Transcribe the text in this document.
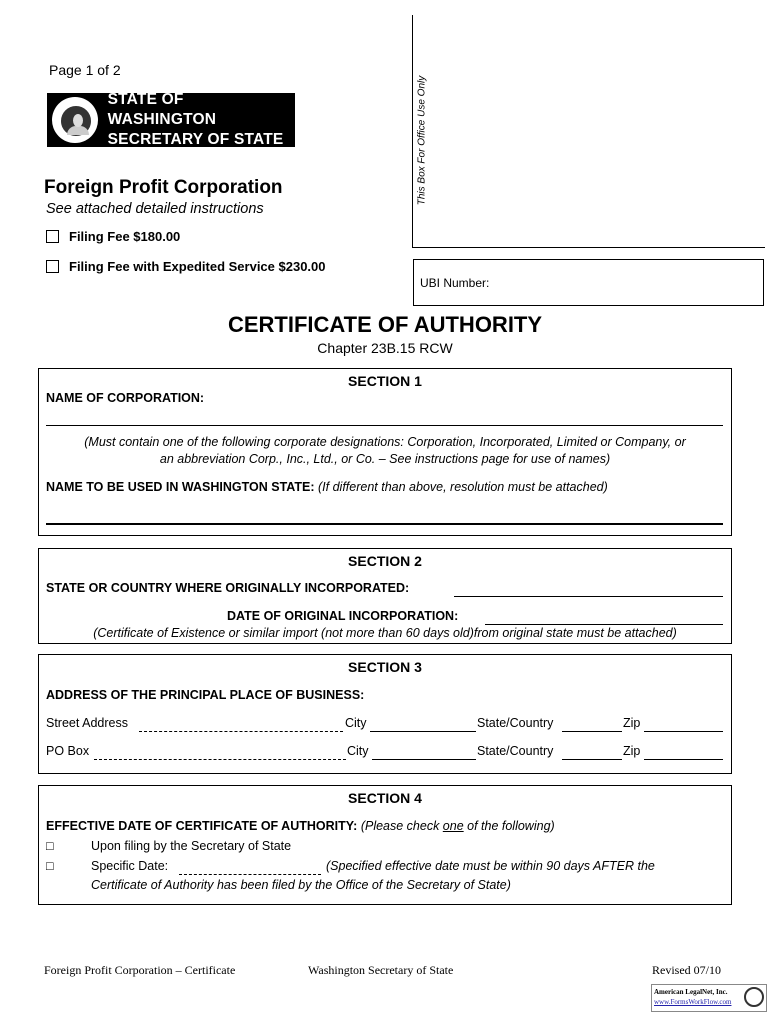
Page 1 of 2
STATE OF WASHINGTON
SECRETARY OF STATE	This Box For Office Use Only
Foreign Profit Corporation
See attached detailed instructions
Filing Fee $180.00
Filing Fee with Expedited Service $230.00
UBI Number:
CERTIFICATE OF AUTHORITY
Chapter 23B.15 RCW
SECTION 1
NAME OF CORPORATION:
(Must contain one of the following corporate designations: Corporation, Incorporated, Limited or Company, or
an abbreviation Corp., Inc., Ltd., or Co. – See instructions page for use of names)
NAME TO BE USED IN WASHINGTON STATE: (If different than above, resolution must be attached)
SECTION 2
STATE OR COUNTRY WHERE ORIGINALLY INCORPORATED:
DATE OF ORIGINAL INCORPORATION:
(Certificate of Existence or similar import (not more than 60 days old)from original state must be attached)
SECTION 3
ADDRESS OF THE PRINCIPAL PLACE OF BUSINESS:
Street Address	City	State/Country	Zip
PO Box	City	State/Country	Zip
SECTION 4
EFFECTIVE DATE OF CERTIFICATE OF AUTHORITY: (Please check one of the following)
□	Upon filing by the Secretary of State
□	Specific Date:	(Specified effective date must be within 90 days AFTER the
Certificate of Authority has been filed by the Office of the Secretary of State)
Foreign Profit Corporation – Certificate	Washington Secretary of State	Revised 07/10
American LegalNet, Inc.
www.FormsWorkFlow.com
